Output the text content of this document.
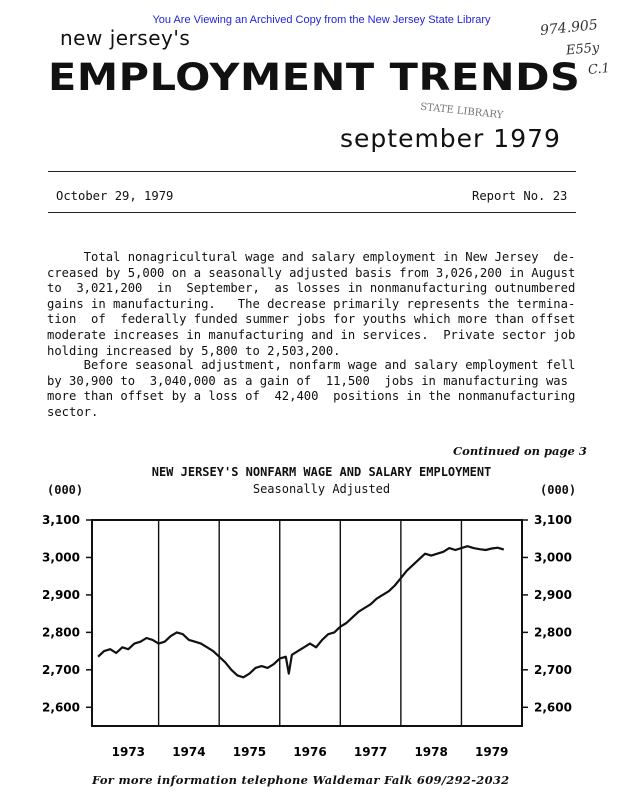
You Are Viewing an Archived Copy from the New Jersey State Library
new jersey's
EMPLOYMENT TRENDS
september 1979
STATE LIBRARY
974.905
E55y
C.1
October 29, 1979	Report No. 23
Total nonagricultural wage and salary employment in New Jersey  de-
creased by 5,000 on a seasonally adjusted basis from 3,026,200 in August
to  3,021,200  in  September,  as losses in nonmanufacturing outnumbered
gains in manufacturing.   The decrease primarily represents the termina-
tion  of  federally funded summer jobs for youths which more than offset
moderate increases in manufacturing and in services.  Private sector job
holding increased by 5,800 to 2,503,200.
Before seasonal adjustment, nonfarm wage and salary employment fell
by 30,900 to  3,040,000 as a gain of  11,500  jobs in manufacturing was
more than offset by a loss of  42,400  positions in the nonmanufacturing
sector.
Continued on page 3
NEW JERSEY'S NONFARM WAGE AND SALARY EMPLOYMENT
Seasonally Adjusted
(000)	(000)
2,600	2,600
2,700	2,700
2,800	2,800
2,900	2,900
3,000	3,000
3,100	3,100
1973 1974 1975 1976 1977 1978 1979
For more information telephone Waldemar Falk 609/292-2032
